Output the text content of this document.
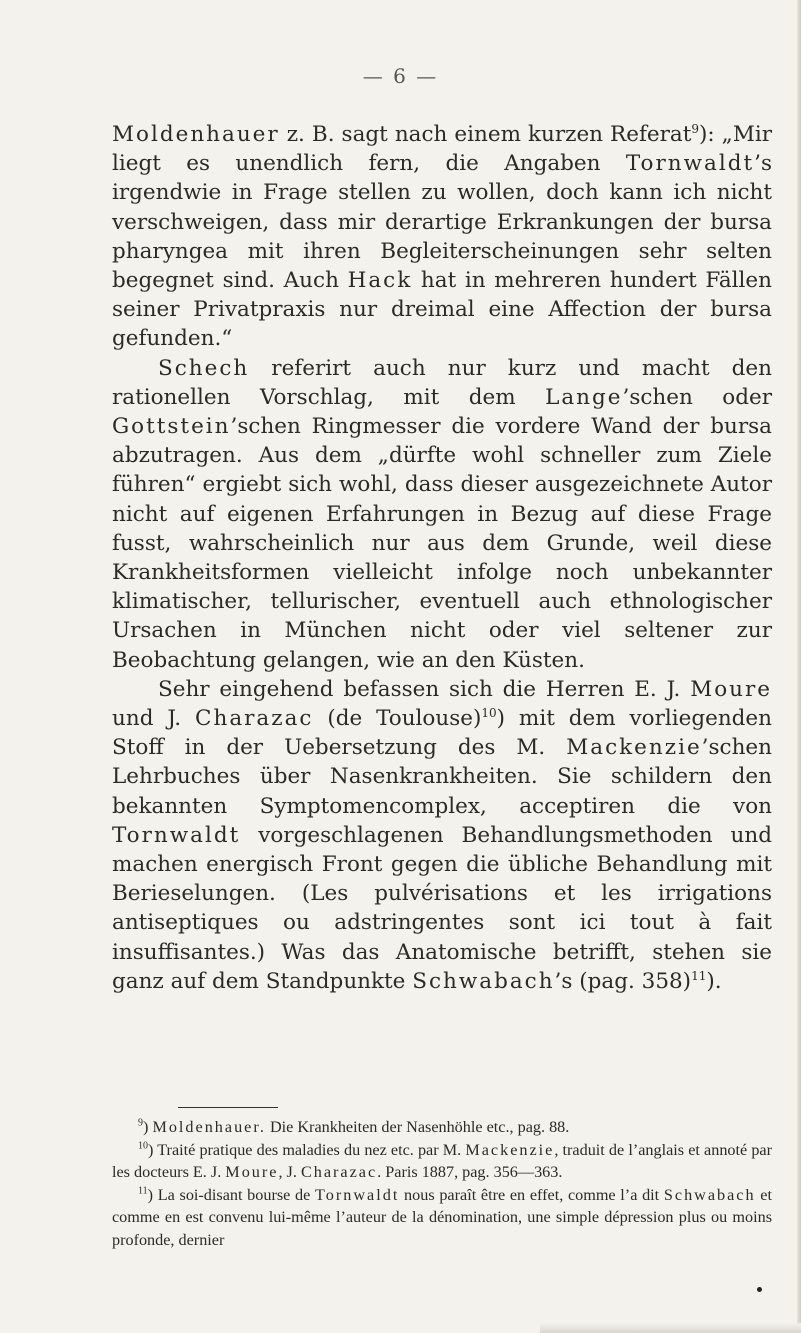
— 6 —

Moldenhauer z. B. sagt nach einem kurzen Referat$^9$): „Mir liegt es unendlich fern, die Angaben Tornwaldt’s irgendwie in Frage stellen zu wollen, doch kann ich nicht verschweigen, dass mir derartige Erkrankungen der bursa pharyngea mit ihren Begleiterscheinungen sehr selten begegnet sind. Auch Hack hat in mehreren hundert Fällen seiner Privatpraxis nur dreimal eine Affection der bursa gefunden.“

Schech referirt auch nur kurz und macht den rationellen Vorschlag, mit dem Lange’schen oder Gottstein’schen Ringmesser die vordere Wand der bursa abzutragen. Aus dem „dürfte wohl schneller zum Ziele führen“ ergiebt sich wohl, dass dieser ausgezeichnete Autor nicht auf eigenen Erfahrungen in Bezug auf diese Frage fusst, wahrscheinlich nur aus dem Grunde, weil diese Krankheitsformen vielleicht infolge noch unbekannter klimatischer, tellurischer, eventuell auch ethnologischer Ursachen in München nicht oder viel seltener zur Beobachtung gelangen, wie an den Küsten.

Sehr eingehend befassen sich die Herren E. J. Moure und J. Charazac (de Toulouse)$^{10}$) mit dem vorliegenden Stoff in der Uebersetzung des M. Mackenzie’schen Lehrbuches über Nasenkrankheiten. Sie schildern den bekannten Symptomencomplex, acceptiren die von Tornwaldt vorgeschlagenen Behandlungsmethoden und machen energisch Front gegen die übliche Behandlung mit Berieselungen. (Les pulvérisations et les irrigations antiseptiques ou adstringentes sont ici tout à fait insuffisantes.) Was das Anatomische betrifft, stehen sie ganz auf dem Standpunkte Schwabach’s (pag. 358)$^{11}$).

$^9$) Moldenhauer. Die Krankheiten der Nasenhöhle etc., pag. 88.

$^{10}$) Traité pratique des maladies du nez etc. par M. Mackenzie, traduit de l’anglais et annoté par les docteurs E. J. Moure, J. Charazac. Paris 1887, pag. 356—363.

$^{11}$) La soi-disant bourse de Tornwaldt nous paraît être en effet, comme l’a dit Schwabach et comme en est convenu lui-même l’auteur de la dénomination, une simple dépression plus ou moins profonde, dernier
